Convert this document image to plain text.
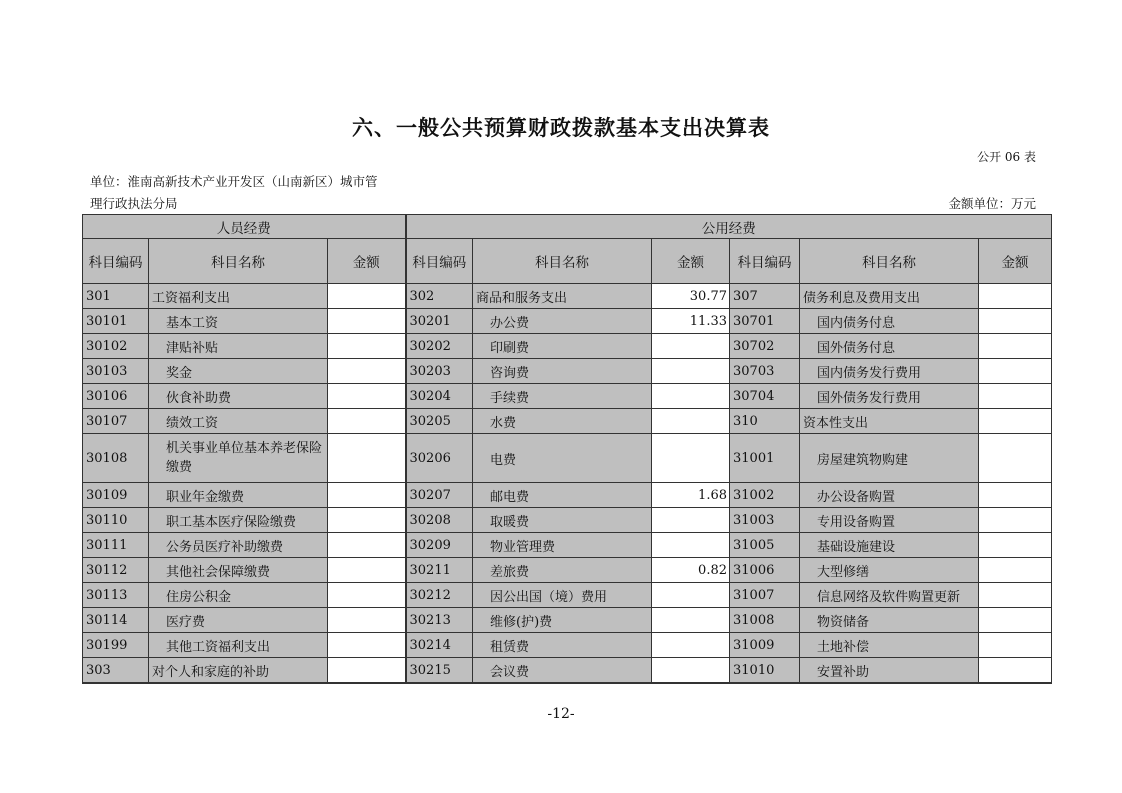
六、一般公共预算财政拨款基本支出决算表
公开 06 表
单位：淮南高新技术产业开发区（山南新区）城市管
理行政执法分局	金额单位：万元
人员经费			公用经费					
科目编码	科目名称	金额	科目编码	科目名称	金额	科目编码	科目名称	金额
301	工资福利支出		302	商品和服务支出	30.77	307	债务利息及费用支出	
30101	基本工资		30201	办公费	11.33	30701	国内债务付息	
30102	津贴补贴		30202	印刷费		30702	国外债务付息	
30103	奖金		30203	咨询费		30703	国内债务发行费用	
30106	伙食补助费		30204	手续费		30704	国外债务发行费用	
30107	绩效工资		30205	水费		310	资本性支出	
30108	机关事业单位基本养老保险缴费		30206	电费		31001	房屋建筑物购建	
30109	职业年金缴费		30207	邮电费	1.68	31002	办公设备购置	
30110	职工基本医疗保险缴费		30208	取暖费		31003	专用设备购置	
30111	公务员医疗补助缴费		30209	物业管理费		31005	基础设施建设	
30112	其他社会保障缴费		30211	差旅费	0.82	31006	大型修缮	
30113	住房公积金		30212	因公出国（境）费用		31007	信息网络及软件购置更新	
30114	医疗费		30213	维修(护)费		31008	物资储备	
30199	其他工资福利支出		30214	租赁费		31009	土地补偿	
303	对个人和家庭的补助		30215	会议费		31010	安置补助	
-12-
